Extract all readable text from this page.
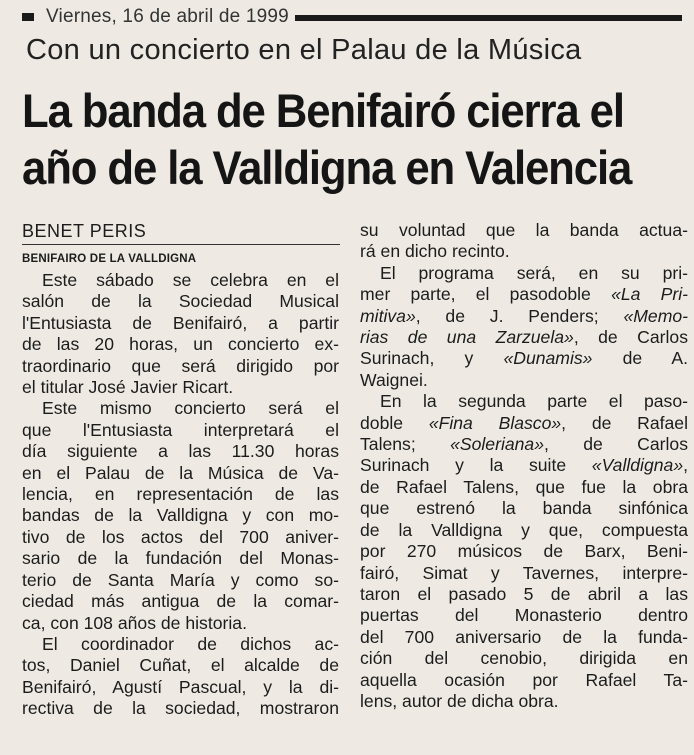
Viernes, 16 de abril de 1999
Con un concierto en el Palau de la Música
La banda de Benifairó cierra el
año de la Valldigna en Valencia
BENET PERIS
BENIFAIRO DE LA VALLDIGNA
Este sábado se celebra en el
salón de la Sociedad Musical
l'Entusiasta de Benifairó, a partir
de las 20 horas, un concierto ex-
traordinario que será dirigido por
el titular José Javier Ricart.
Este mismo concierto será el
que l'Entusiasta interpretará el
día siguiente a las 11.30 horas
en el Palau de la Música de Va-
lencia, en representación de las
bandas de la Valldigna y con mo-
tivo de los actos del 700 aniver-
sario de la fundación del Monas-
terio de Santa María y como so-
ciedad más antigua de la comar-
ca, con 108 años de historia.
El coordinador de dichos ac-
tos, Daniel Cuñat, el alcalde de
Benifairó, Agustí Pascual, y la di-
rectiva de la sociedad, mostraron
su voluntad que la banda actua-
rá en dicho recinto.
El programa será, en su pri-
mer parte, el pasodoble «La Pri-
mitiva», de J. Penders; «Memo-
rias de una Zarzuela», de Carlos
Surinach, y «Dunamis» de A.
Waignei.
En la segunda parte el paso-
doble «Fina Blasco», de Rafael
Talens; «Soleriana», de Carlos
Surinach y la suite «Valldigna»,
de Rafael Talens, que fue la obra
que estrenó la banda sinfónica
de la Valldigna y que, compuesta
por 270 músicos de Barx, Beni-
fairó, Simat y Tavernes, interpre-
taron el pasado 5 de abril a las
puertas del Monasterio dentro
del 700 aniversario de la funda-
ción del cenobio, dirigida en
aquella ocasión por Rafael Ta-
lens, autor de dicha obra.
